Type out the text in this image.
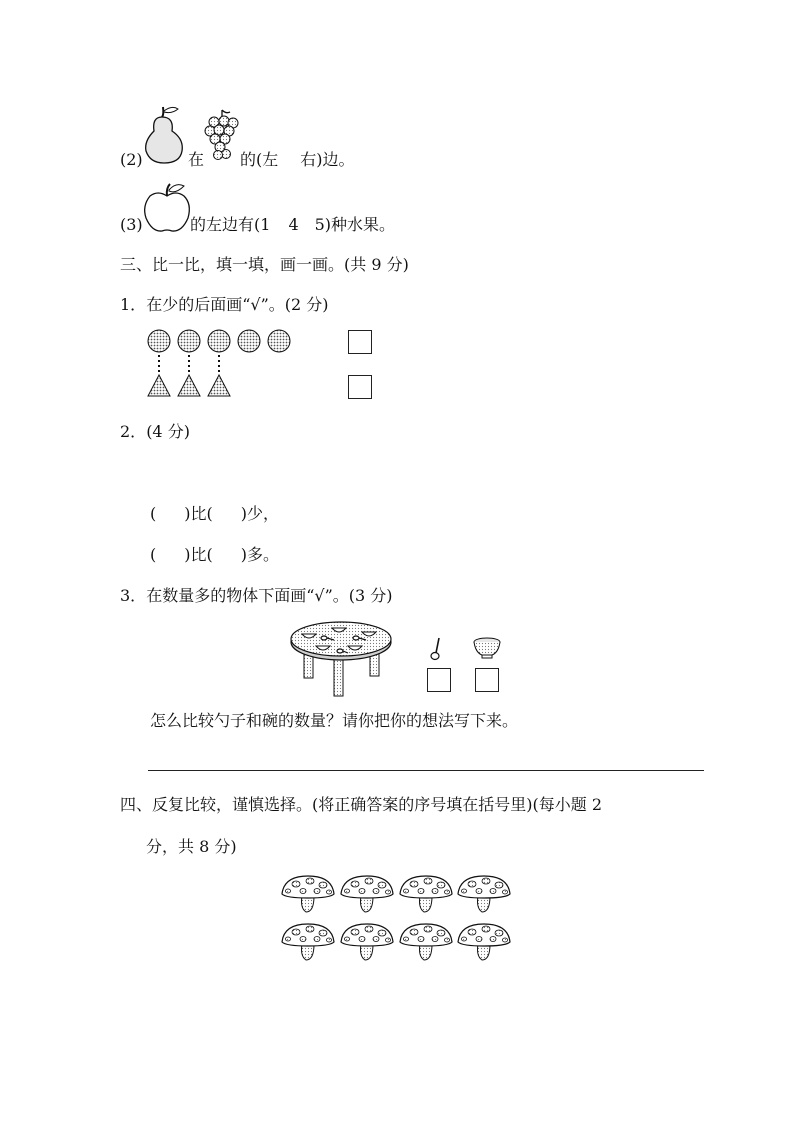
(2)	在 的(左 右)边。
(3)	的左边有(1 4 5)种水果。
三、比一比，填一填，画一画。(共 9 分)
1．在少的后面画“√”。(2 分)
2．(4 分)
( )比( )少，
( )比( )多。
3．在数量多的物体下面画“√”。(3 分)
怎么比较勺子和碗的数量？请你把你的想法写下来。
四、反复比较，谨慎选择。(将正确答案的序号填在括号里)(每小题 2
分，共 8 分)
